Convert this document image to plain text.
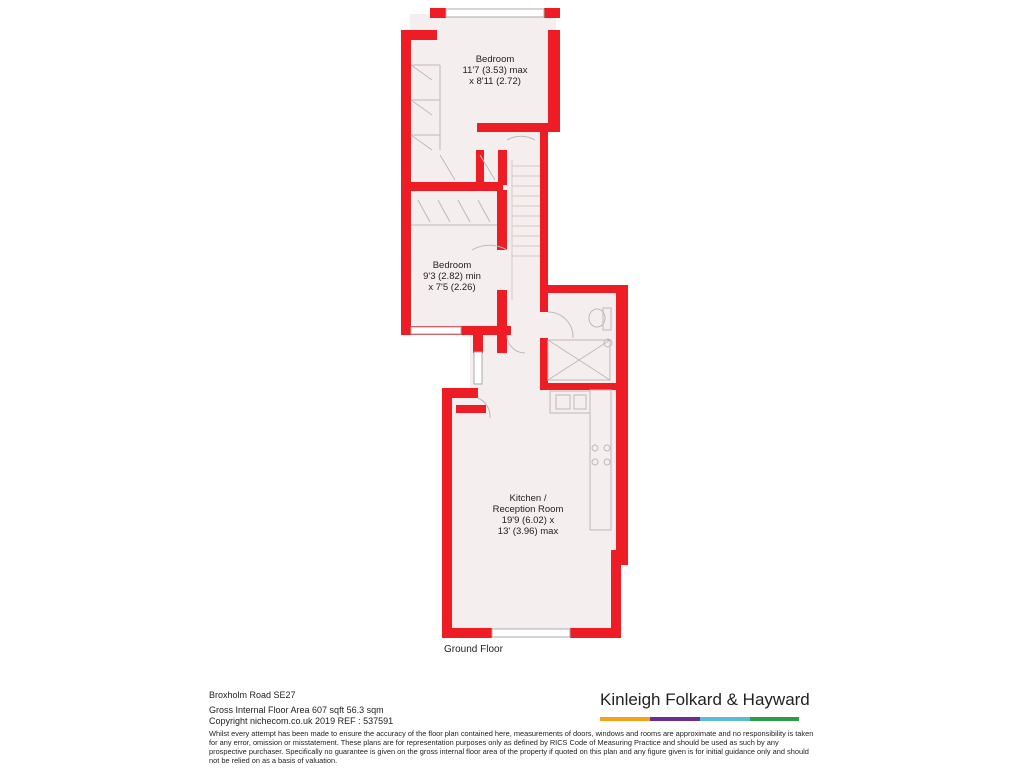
Bedroom
11'7 (3.53) max
x 8'11 (2.72)
Bedroom
9'3 (2.82) min
x 7'5 (2.26)
Kitchen /
Reception Room
19'9 (6.02) x
13' (3.96) max
Ground Floor
Broxholm Road SE27
Gross Internal Floor Area 607 sqft 56.3 sqm
Copyright nichecom.co.uk 2019 REF : 537591
Whilst every attempt has been made to ensure the accuracy of the floor plan contained here, measurements of doors, windows and rooms are approximate and no responsibility is taken for any error, omission or misstatement. These plans are for representation purposes only as defined by RICS Code of Measuring Practice and should be used as such by any prospective purchaser. Specifically no guarantee is given on the gross internal floor area of the property if quoted on this plan and any figure given is for initial guidance only and should not be relied on as a basis of valuation.
Kinleigh Folkard & Hayward
